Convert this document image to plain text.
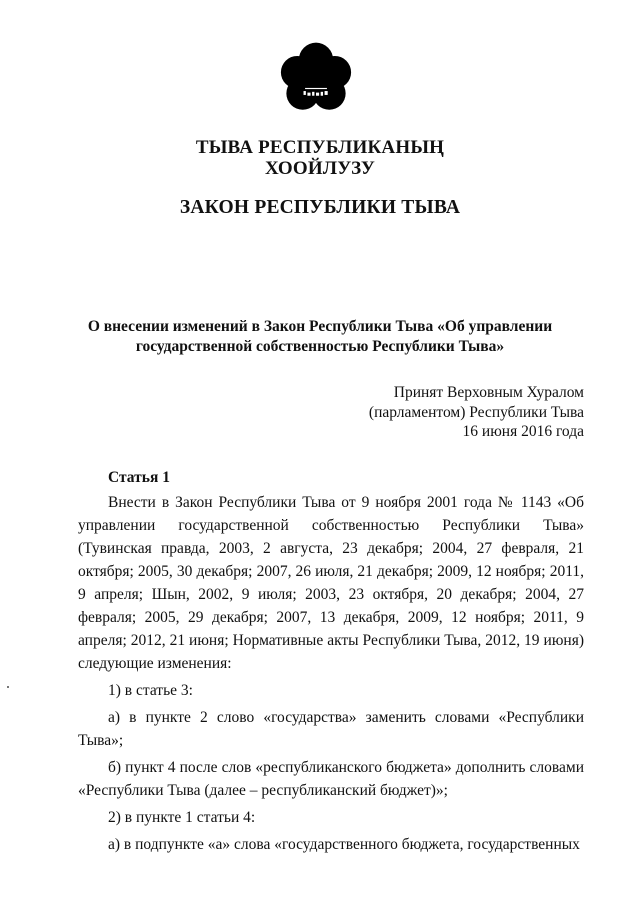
ТЫВА РЕСПУБЛИКАНЫҢ
ХООЙЛУЗУ
ЗАКОН РЕСПУБЛИКИ ТЫВА
О внесении изменений в Закон Республики Тыва «Об управлении
государственной собственностью Республики Тыва»
Принят Верховным Хуралом
(парламентом) Республики Тыва
16 июня 2016 года
Статья 1

Внести в Закон Республики Тыва от 9 ноября 2001 года № 1143 «Об управлении государственной собственностью Республики Тыва» (Тувинская правда, 2003, 2 августа, 23 декабря; 2004, 27 февраля, 21 октября; 2005, 30 декабря; 2007, 26 июля, 21 декабря; 2009, 12 ноября; 2011, 9 апреля; Шын, 2002, 9 июля; 2003, 23 октября, 20 декабря; 2004, 27 февраля; 2005, 29 декабря; 2007, 13 декабря, 2009, 12 ноября; 2011, 9 апреля; 2012, 21 июня; Нормативные акты Республики Тыва, 2012, 19 июня) следующие изменения:

1) в статье 3:

а) в пункте 2 слово «государства» заменить словами «Республики Тыва»;

б) пункт 4 после слов «республиканского бюджета» дополнить словами «Республики Тыва (далее – республиканский бюджет)»;

2) в пункте 1 статьи 4:

а) в подпункте «а» слова «государственного бюджета, государственных
